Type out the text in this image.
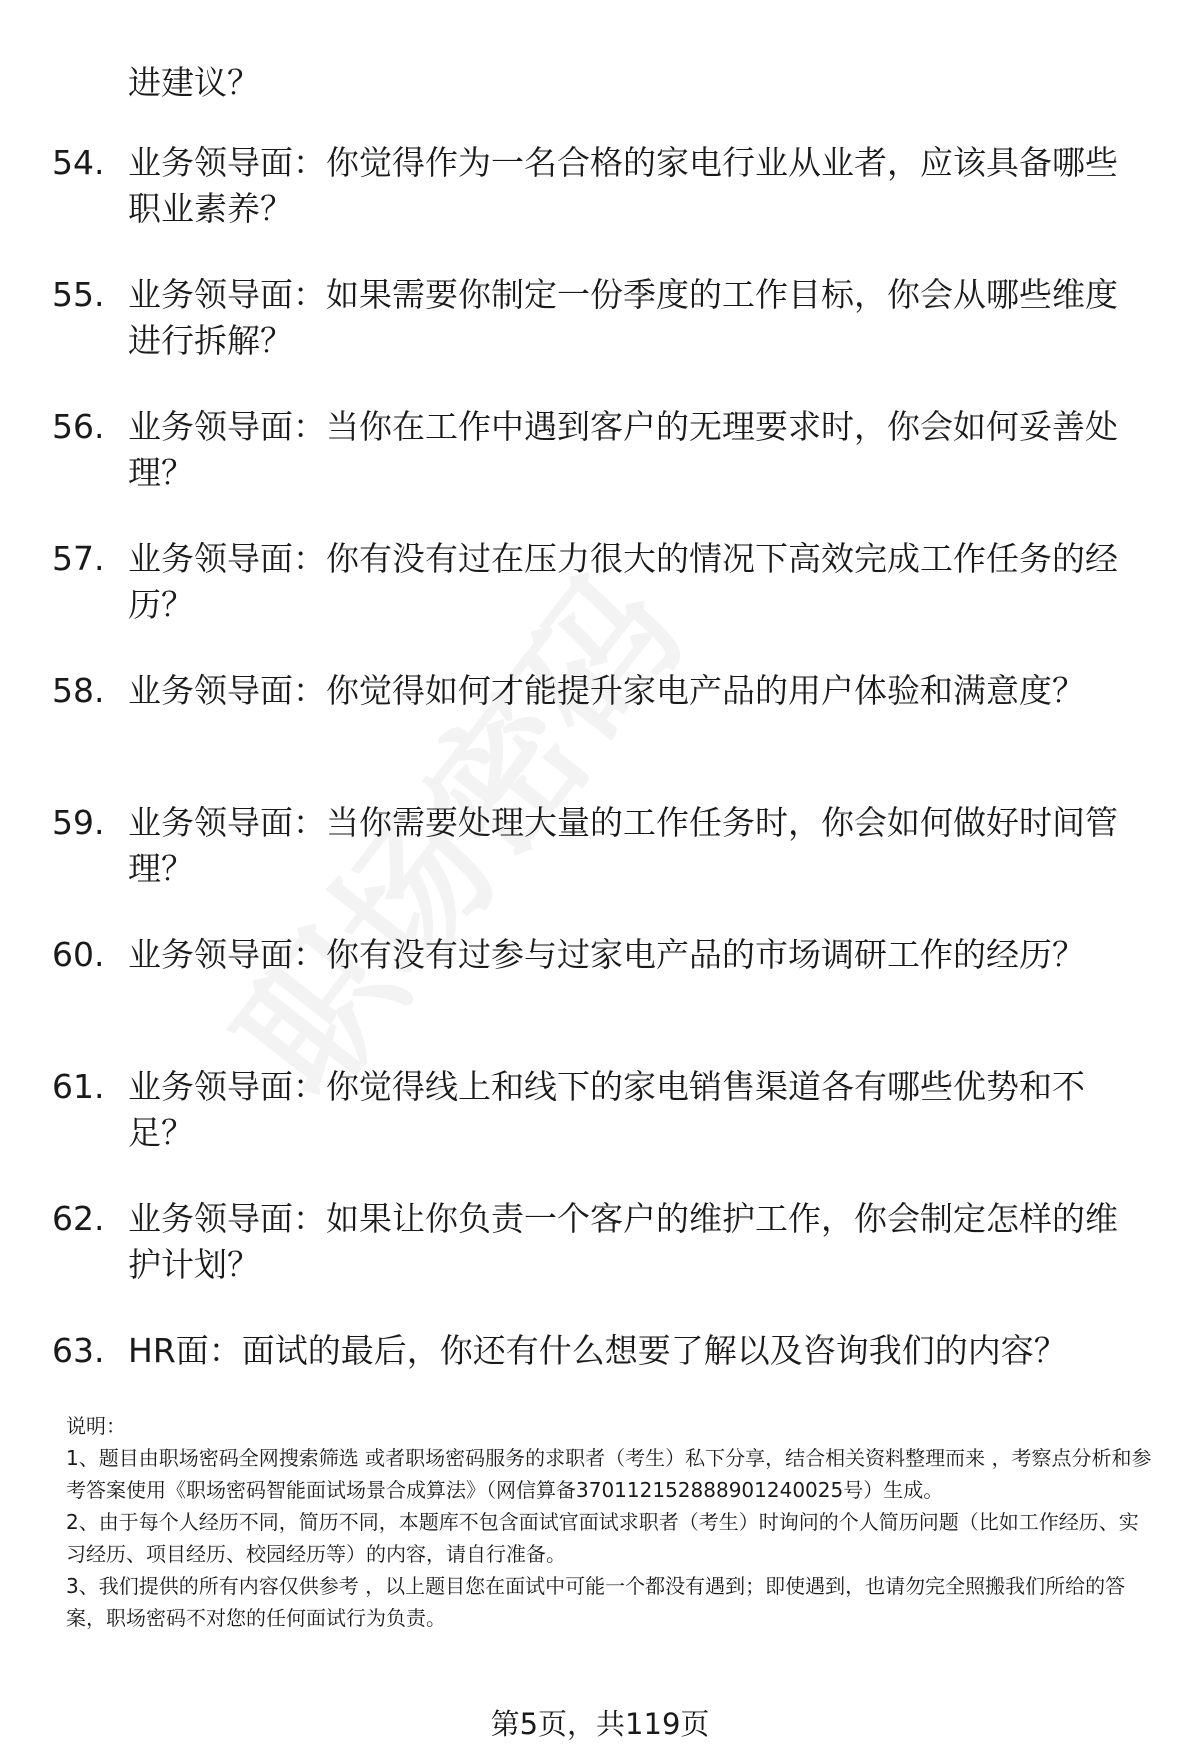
进建议？
54. 业务领导面：你觉得作为一名合格的家电行业从业者，应该具备哪些职业素养？
55. 业务领导面：如果需要你制定一份季度的工作目标，你会从哪些维度进行拆解？
56. 业务领导面：当你在工作中遇到客户的无理要求时，你会如何妥善处理？
57. 业务领导面：你有没有过在压力很大的情况下高效完成工作任务的经历？
58. 业务领导面：你觉得如何才能提升家电产品的用户体验和满意度？
59. 业务领导面：当你需要处理大量的工作任务时，你会如何做好时间管理？
60. 业务领导面：你有没有过参与过家电产品的市场调研工作的经历？
61. 业务领导面：你觉得线上和线下的家电销售渠道各有哪些优势和不足？
62. 业务领导面：如果让你负责一个客户的维护工作，你会制定怎样的维护计划？
63. HR面：面试的最后，你还有什么想要了解以及咨询我们的内容？

说明：

1、题目由职场密码全网搜索筛选 或者职场密码服务的求职者（考生）私下分享，结合相关资料整理而来 ，考察点分析和参考答案使用《职场密码智能面试场景合成算法》（网信算备370112152888901240025号）生成。

2、由于每个人经历不同，简历不同，本题库不包含面试官面试求职者（考生）时询问的个人简历问题（比如工作经历、实习经历、项目经历、校园经历等）的内容，请自行准备。

3、我们提供的所有内容仅供参考 ，以上题目您在面试中可能一个都没有遇到；即使遇到，也请勿完全照搬我们所给的答案，职场密码不对您的任何面试行为负责。

第5页，共119页
